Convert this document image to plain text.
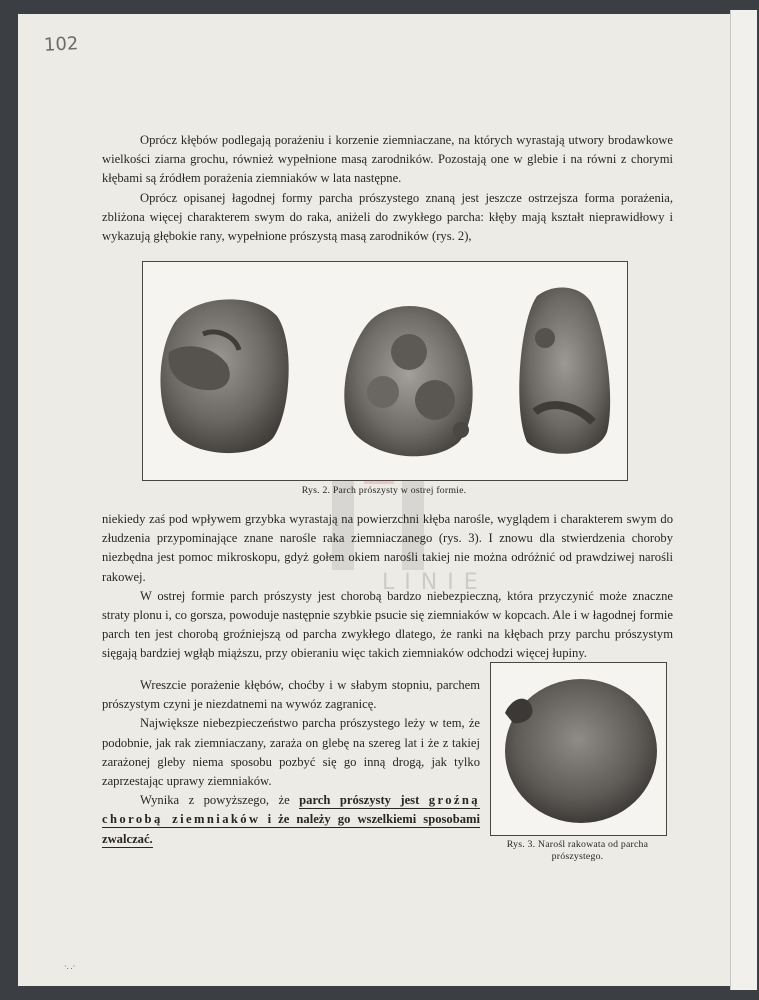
102
LINIE

Oprócz kłębów podlegają porażeniu i korzenie ziemniaczane, na których wyrastają utwory brodawkowe wielkości ziarna grochu, również wypełnione masą zarodników. Pozostają one w glebie i na równi z chorymi kłębami są źródłem porażenia ziemniaków w lata następne.

Oprócz opisanej łagodnej formy parcha prószystego znaną jest jeszcze ostrzejsza forma porażenia, zbliżona więcej charakterem swym do raka, aniżeli do zwykłego parcha: kłęby mają kształt nieprawidłowy i wykazują głębokie rany, wypełnione prószystą masą zarodników (rys. 2),

Rys. 2. Parch prószysty w ostrej formie.

niekiedy zaś pod wpływem grzybka wyrastają na powierzchni kłęba narośle, wyglądem i charakterem swym do złudzenia przypominające znane narośle raka ziemniaczanego (rys. 3). I znowu dla stwierdzenia choroby niezbędna jest pomoc mikroskopu, gdyż gołem okiem narośli takiej nie można odróżnić od prawdziwej narośli rakowej.

W ostrej formie parch prószysty jest chorobą bardzo niebezpieczną, która przyczynić może znaczne straty plonu i, co gorsza, powoduje następnie szybkie psucie się ziemniaków w kopcach. Ale i w łagodnej formie parch ten jest chorobą groźniejszą od parcha zwykłego dlatego, że ranki na kłębach przy parchu prószystym sięgają bardziej wgłąb miąższu, przy obieraniu więc takich ziemniaków odchodzi więcej łupiny.

Wreszcie porażenie kłębów, choćby i w słabym stopniu, parchem prószystym czyni je niezdatnemi na wywóz zagranicę.

Największe niebezpieczeństwo parcha prószystego leży w tem, że podobnie, jak rak ziemniaczany, zaraża on glebę na szereg lat i że z takiej zarażonej gleby niema sposobu pozbyć się go inną drogą, jak tylko zaprzestając uprawy ziemniaków.

Wynika z powyższego, że parch prószysty jest groźną chorobą ziemniaków i że należy go wszelkiemi sposobami zwalczać.	Rys. 3. Narośl rakowata od parcha prószystego.
·. .·
